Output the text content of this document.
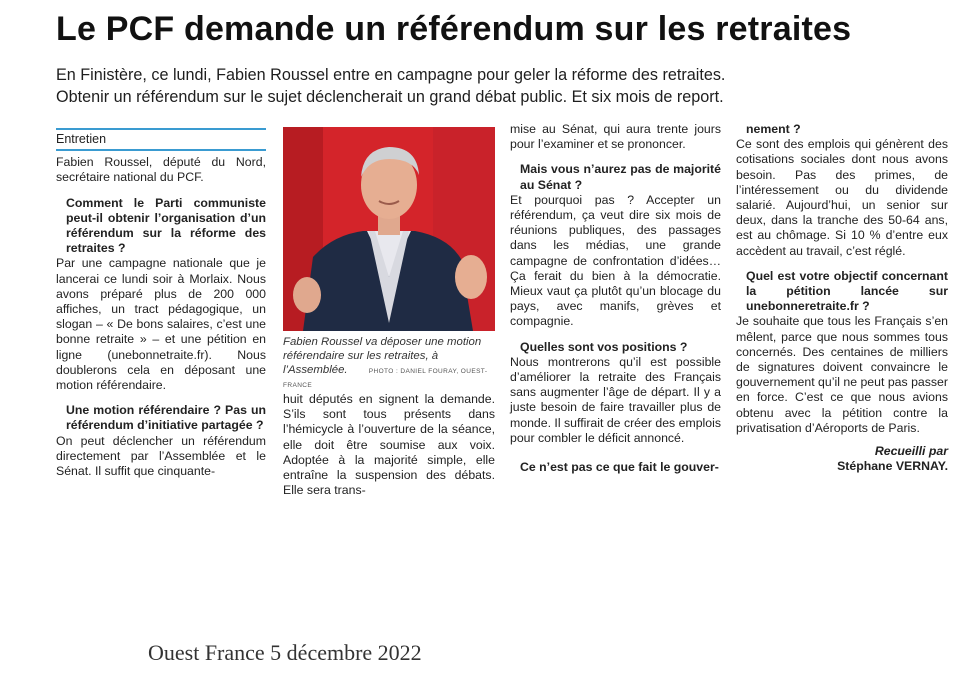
Le PCF demande un référendum sur les retraites
En Finistère, ce lundi, Fabien Roussel entre en campagne pour geler la réforme des retraites.
Obtenir un référendum sur le sujet déclencherait un grand débat public. Et six mois de report.
Entretien

Fabien Roussel, député du Nord, secrétaire national du PCF.

Comment le Parti communiste peut-il obtenir l’organisation d’un référendum sur la réforme des retraites ?

Par une campagne nationale que je lancerai ce lundi soir à Morlaix. Nous avons préparé plus de 200 000 affiches, un tract pédagogique, un slogan – « De bons salaires, c’est une bonne retraite » – et une pétition en ligne (unebonnetraite.fr). Nous doublerons cela en déposant une motion référendaire.

Une motion référendaire ? Pas un référendum d’initiative partagée ?

On peut déclencher un référendum directement par l’Assemblée et le Sénat. Il suffit que cinquante-

Fabien Roussel va déposer une motion référendaire sur les retraites, à l’Assemblée.	PHOTO : DANIEL FOURAY, OUEST-FRANCE

huit députés en signent la demande. S’ils sont tous présents dans l’hémicycle à l’ouverture de la séance, elle doit être soumise aux voix. Adoptée à la majorité simple, elle entraîne la suspension des débats. Elle sera trans-

mise au Sénat, qui aura trente jours pour l’examiner et se prononcer.

Mais vous n’aurez pas de majorité au Sénat ?

Et pourquoi pas ? Accepter un référendum, ça veut dire six mois de réunions publiques, des passages dans les médias, une grande campagne de confrontation d’idées… Ça ferait du bien à la démocratie. Mieux vaut ça plutôt qu’un blocage du pays, avec manifs, grèves et compagnie.

Quelles sont vos positions ?

Nous montrerons qu’il est possible d’améliorer la retraite des Français sans augmenter l’âge de départ. Il y a juste besoin de faire travailler plus de monde. Il suffirait de créer des emplois pour combler le déficit annoncé.

Ce n’est pas ce que fait le gouver-

nement ?

Ce sont des emplois qui génèrent des cotisations sociales dont nous avons besoin. Pas des primes, de l’intéressement ou du dividende salarié. Aujourd’hui, un senior sur deux, dans la tranche des 50-64 ans, est au chômage. Si 10 % d’entre eux accèdent au travail, c’est réglé.

Quel est votre objectif concernant la pétition lancée sur unebonneretraite.fr ?

Je souhaite que tous les Français s’en mêlent, parce que nous sommes tous concernés. Des centaines de milliers de signatures doivent convaincre le gouvernement qu’il ne peut pas passer en force. C’est ce que nous avions obtenu avec la pétition contre la privatisation d’Aéroports de Paris.

Recueilli par
Stéphane VERNAY.
Ouest France 5 décembre 2022
